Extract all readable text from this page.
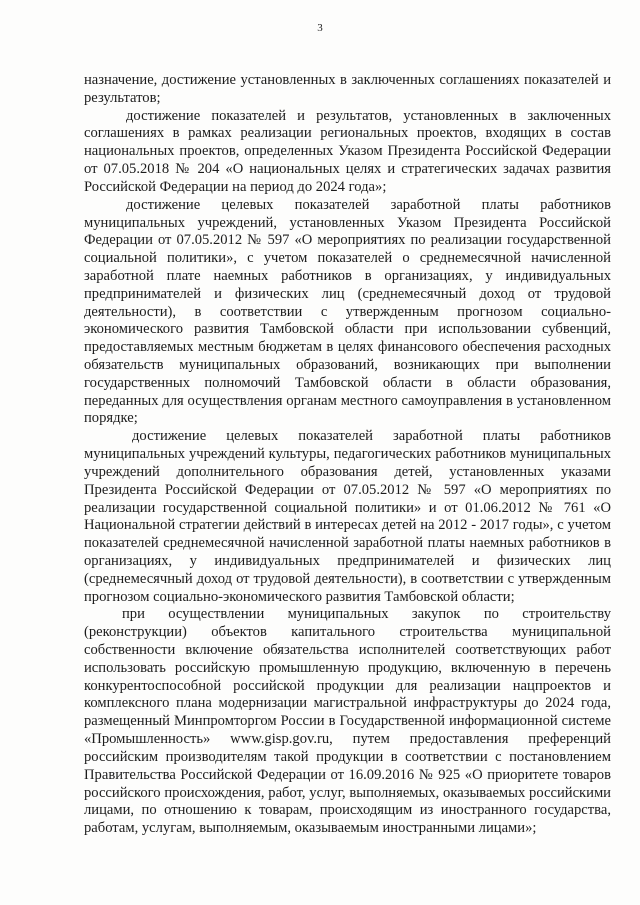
3

назначение, достижение установленных в заключенных соглашениях показателей и результатов;

достижение показателей и результатов, установленных в заключенных соглашениях в рамках реализации региональных проектов, входящих в состав национальных проектов, определенных Указом Президента Российской Федерации от 07.05.2018 № 204 «О национальных целях и стратегических задачах развития Российской Федерации на период до 2024 года»;

достижение целевых показателей заработной платы работников муниципальных учреждений, установленных Указом Президента Российской Федерации от 07.05.2012 № 597 «О мероприятиях по реализации государственной социальной политики», с учетом показателей о среднемесячной начисленной заработной плате наемных работников в организациях, у индивидуальных предпринимателей и физических лиц (среднемесячный доход от трудовой деятельности), в соответствии с утвержденным прогнозом социально-экономического развития Тамбовской области при использовании субвенций, предоставляемых местным бюджетам в целях финансового обеспечения расходных обязательств муниципальных образований, возникающих при выполнении государственных полномочий Тамбовской области в области образования, переданных для осуществления органам местного самоуправления в установленном порядке;

достижение целевых показателей заработной платы работников муниципальных учреждений культуры, педагогических работников муниципальных учреждений дополнительного образования детей, установленных указами Президента Российской Федерации от 07.05.2012 № 597 «О мероприятиях по реализации государственной социальной политики» и от 01.06.2012 № 761 «О Национальной стратегии действий в интересах детей на 2012 - 2017 годы», с учетом показателей среднемесячной начисленной заработной платы наемных работников в организациях, у индивидуальных предпринимателей и физических лиц (среднемесячный доход от трудовой деятельности), в соответствии с утвержденным прогнозом социально-экономического развития Тамбовской области;

при осуществлении муниципальных закупок по строительству (реконструкции) объектов капитального строительства муниципальной собственности включение обязательства исполнителей соответствующих работ использовать российскую промышленную продукцию, включенную в перечень конкурентоспособной российской продукции для реализации нацпроектов и комплексного плана модернизации магистральной инфраструктуры до 2024 года, размещенный Минпромторгом России в Государственной информационной системе «Промышленность» www.gisp.gov.ru, путем предоставления преференций российским производителям такой продукции в соответствии с постановлением Правительства Российской Федерации от 16.09.2016 № 925 «О приоритете товаров российского происхождения, работ, услуг, выполняемых, оказываемых российскими лицами, по отношению к товарам, происходящим из иностранного государства, работам, услугам, выполняемым, оказываемым иностранными лицами»;
